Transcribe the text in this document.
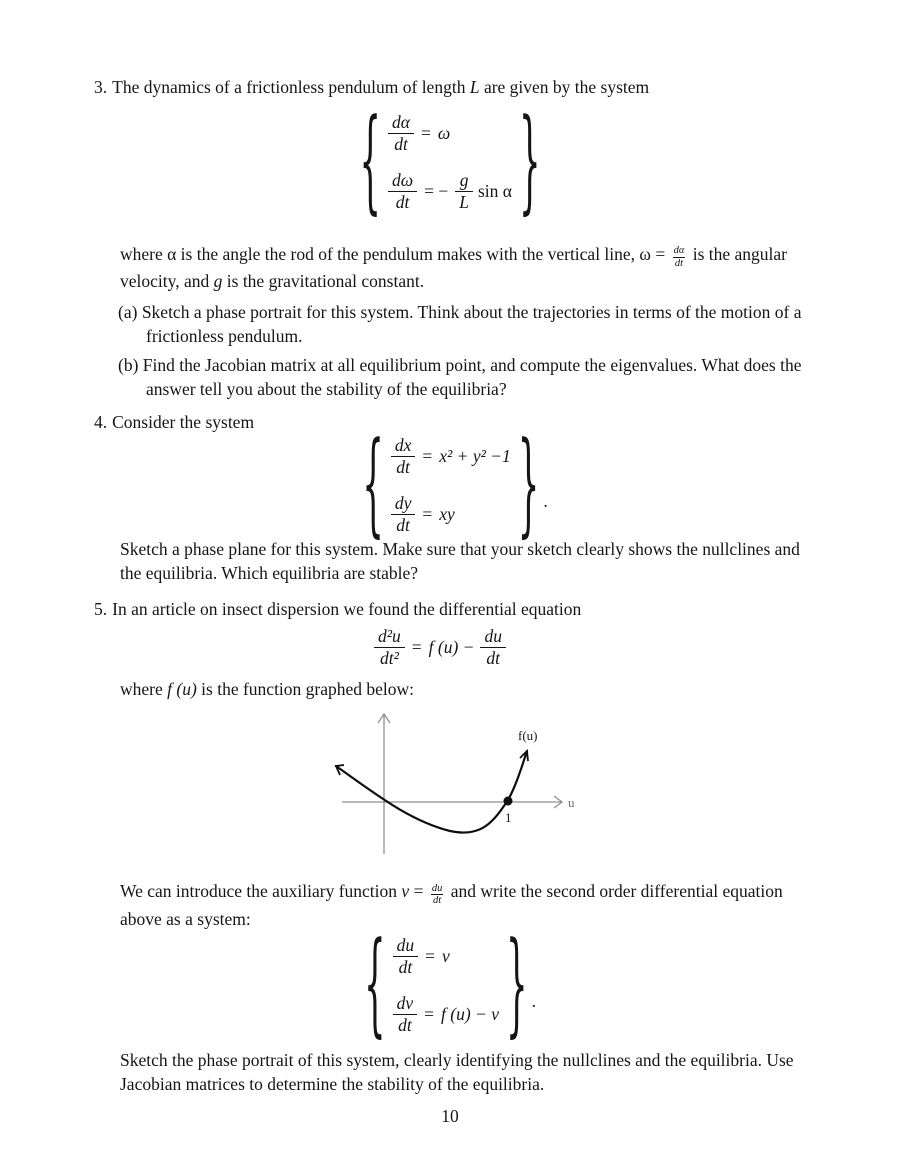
3. The dynamics of a frictionless pendulum of length L are given by the system

{ $\frac{d\alpha}{dt} = \omega$
$\frac{d\omega}{dt}$ = − $\frac{g}{L}$ sin α }

where α is the angle the rod of the pendulum makes with the vertical line, $\omega = \frac{d\alpha}{dt}$ is the angular velocity, and g is the gravitational constant.

(a) Sketch a phase portrait for this system. Think about the trajectories in terms of the motion of a frictionless pendulum.

(b) Find the Jacobian matrix at all equilibrium point, and compute the eigenvalues. What does the answer tell you about the stability of the equilibria?

4. Consider the system	{ $\frac{dx}{dt} = x^2 + y^2 -1$
$\frac{dy}{dt}$ = xy } .

Sketch a phase plane for this system. Make sure that your sketch clearly shows the nullclines and the equilibria. Which equilibria are stable?

5. In an article on insect dispersion we found the differential equation

$\frac{\text{d²u}}{\text{dt²}} = f$ $(u) - \frac{du}{dt}$

where f (u) is the function graphed below:

u
f(u)
1

We can introduce the auxiliary function $v = \frac{du}{dt}$ and write the second order differential equation above as a system:

{ $\frac{du}{dt} = v$
$\frac{dv}{dt} = f$ (u) − v } .

Sketch the phase portrait of this system, clearly identifying the nullclines and the equilibria. Use Jacobian matrices to determine the stability of the equilibria.

10
